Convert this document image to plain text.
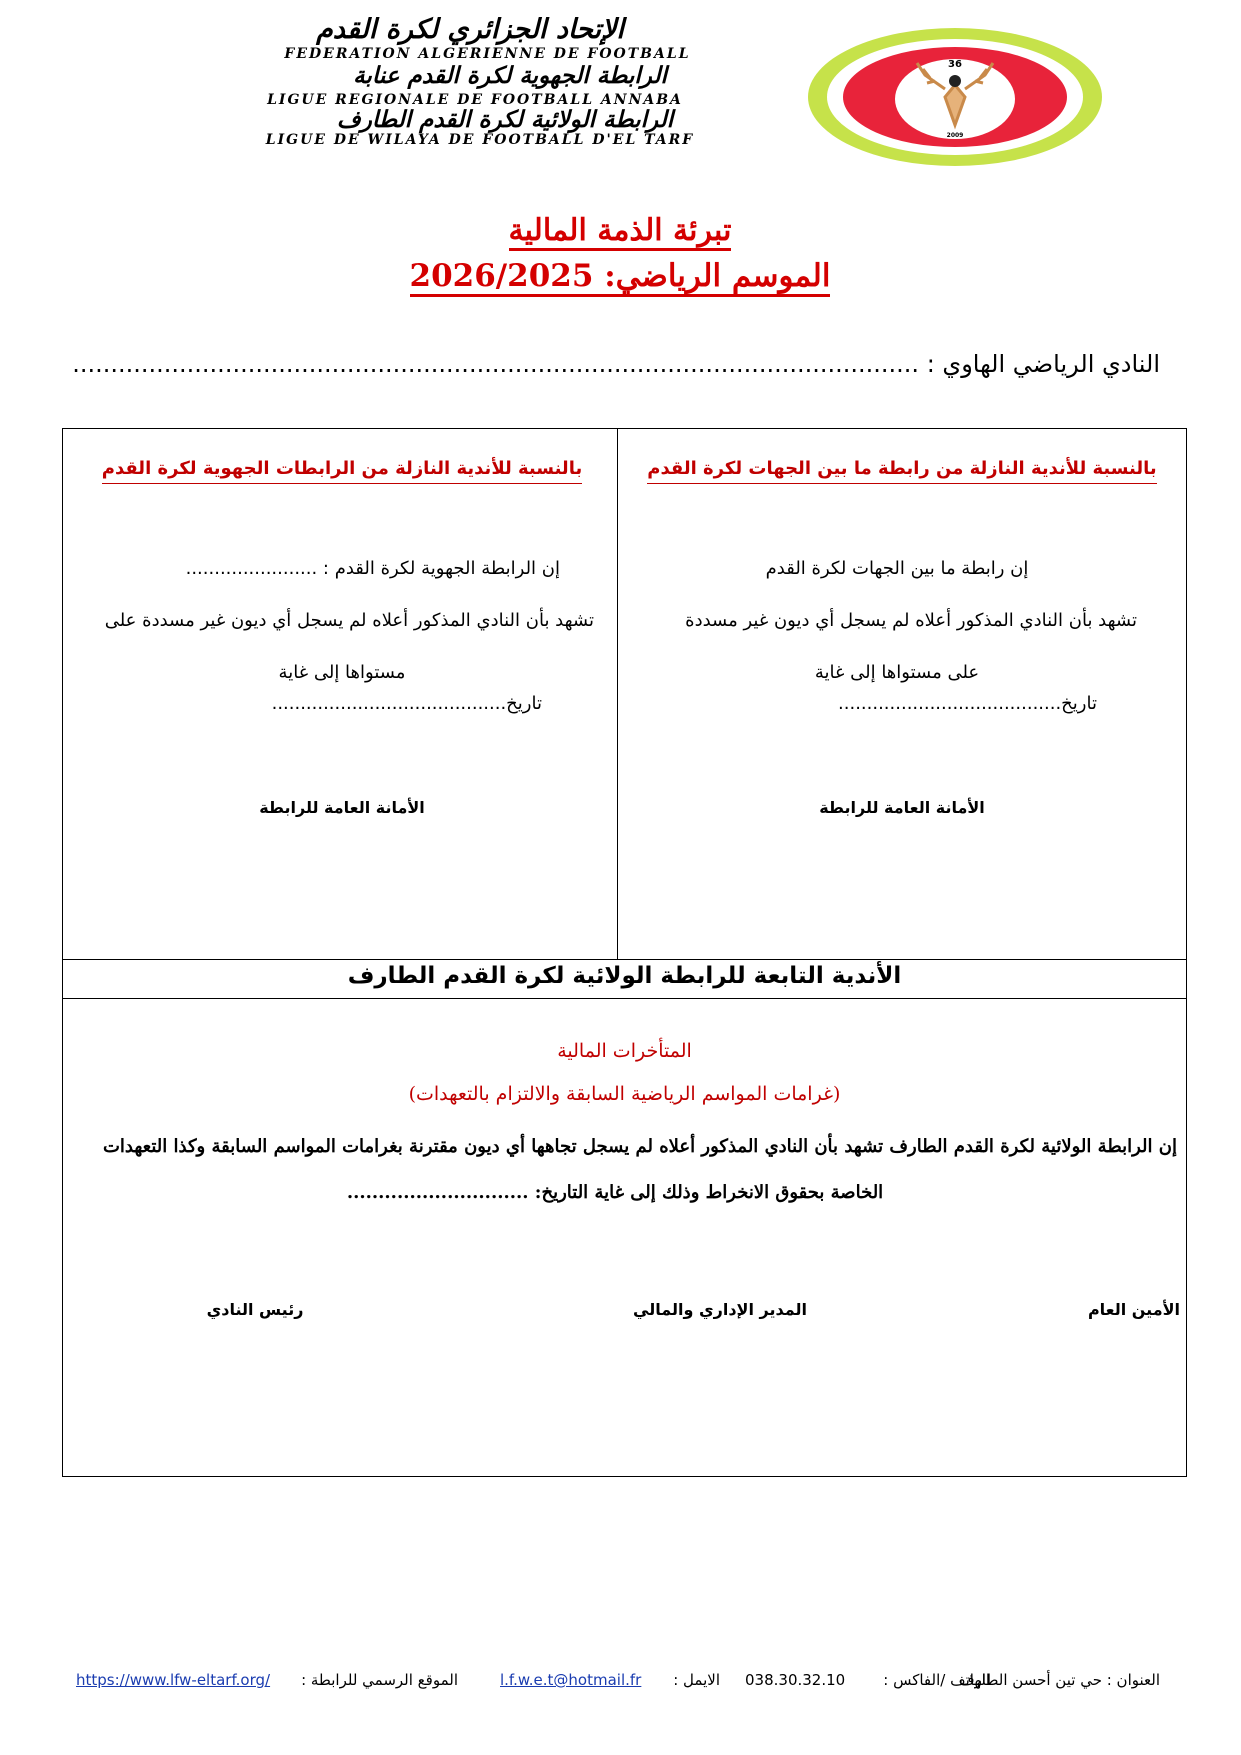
الإتحاد الجزائري لكرة القدم
FEDERATION ALGERIENNE DE FOOTBALL
الرابطة الجهوية لكرة القدم عنابة
LIGUE REGIONALE DE FOOTBALL ANNABA
الرابطة الولائية لكرة القدم الطارف
LIGUE DE WILAYA DE FOOTBALL D'EL TARF
36
2009
تبرئة الذمة المالية
الموسم الرياضي: 2026/2025
النادي الرياضي الهاوي : ...............................................................................................................
بالنسبة للأندية النازلة من رابطة ما بين الجهات لكرة القدم
إن رابطة ما بين الجهات لكرة القدم
تشهد بأن النادي المذكور أعلاه لم يسجل أي ديون غير مسددة
على مستواها إلى غاية
تاريخ.......................................
الأمانة العامة للرابطة
بالنسبة للأندية النازلة من الرابطات الجهوية لكرة القدم
إن الرابطة الجهوية لكرة القدم : .......................
تشهد بأن النادي المذكور أعلاه لم يسجل أي ديون غير مسددة على
مستواها إلى غاية
تاريخ.........................................
الأمانة العامة للرابطة
الأندية التابعة للرابطة الولائية لكرة القدم الطارف
المتأخرات المالية
(غرامات المواسم الرياضية السابقة والالتزام بالتعهدات)
إن الرابطة الولائية لكرة القدم الطارف تشهد بأن النادي المذكور أعلاه لم يسجل تجاهها أي ديون مقترنة بغرامات المواسم السابقة وكذا التعهدات
الخاصة بحقوق الانخراط وذلك إلى غاية التاريخ: .............................
الأمين العام
المدير الإداري والمالي
رئيس النادي
العنوان : حي تين أحسن الطارف
الهاتف /الفاكس :
038.30.32.10
الايمل :
l.f.w.e.t@hotmail.fr
الموقع الرسمي للرابطة :
https://www.lfw-eltarf.org/
